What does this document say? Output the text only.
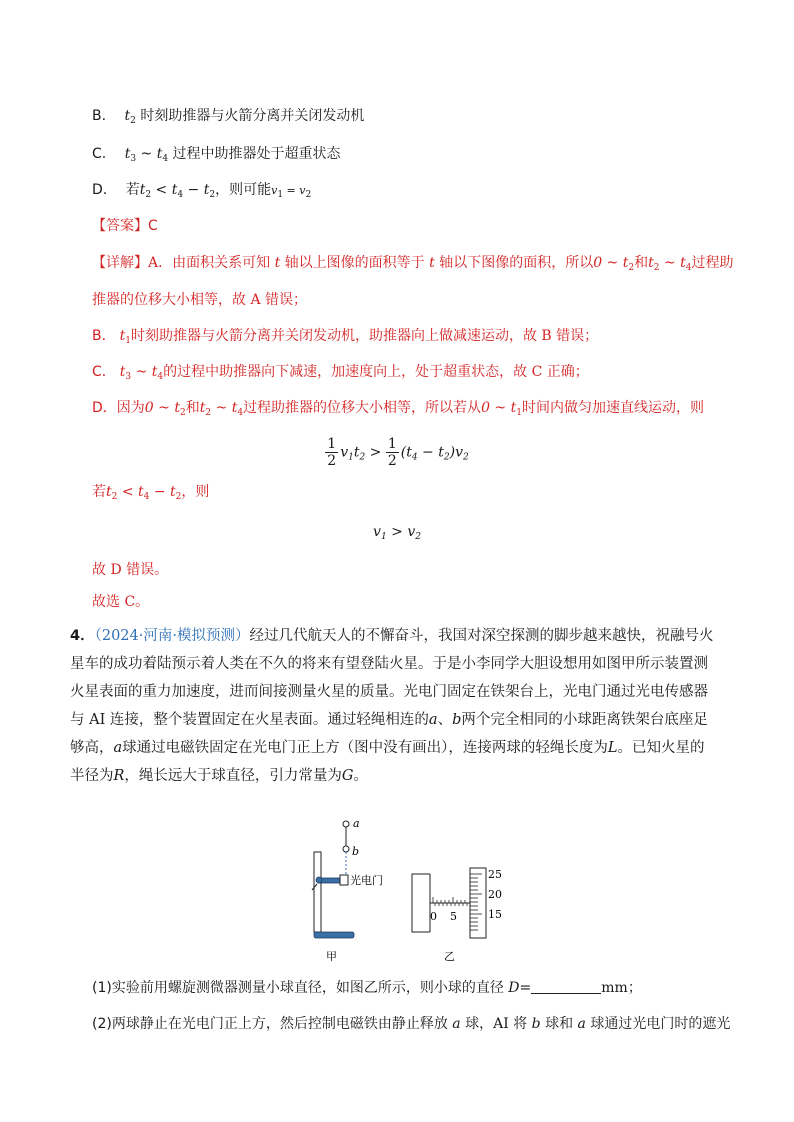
B. $t_2$ 时刻助推器与火箭分离并关闭发动机
C. $t_3$ ~ $t_4$ 过程中助推器处于超重状态
D. 若$t_2 < t_4 - t_2$，则可能$v_1 = v_2$
【答案】C
【详解】A．由面积关系可知 t 轴以上图像的面积等于 t 轴以下图像的面积，所以0 ~ $t_2$和$t_2$ ~ $t_4$过程助
推器的位移大小相等，故 A 错误；
B． $t_1$时刻助推器与火箭分离并关闭发动机，助推器向上做减速运动，故 B 错误；
C． $t_3$ ~ $t_4$的过程中助推器向下减速，加速度向上，处于超重状态，故 C 正确；
D．因为0 ~ $t_2$和$t_2$ ~ $t_4$过程助推器的位移大小相等，所以若从0 ~ $t_1$时间内做匀加速直线运动，则
$\frac{1}{2} v_1t_2 > \frac{1}{2} (t_4 - t_2)v_2$
若$t_2 < t_4 - t_2$，则
$v_1 > v_2$
故 D 错误。
故选 C。
4．（2024·河南·模拟预测）经过几代航天人的不懈奋斗，我国对深空探测的脚步越来越快，祝融号火星车的成功着陆预示着人类在不久的将来有望登陆火星。于是小李同学大胆设想用如图甲所示装置测火星表面的重力加速度，进而间接测量火星的质量。光电门固定在铁架台上，光电门通过光电传感器与 AI 连接，整个装置固定在火星表面。通过轻绳相连的a、b两个完全相同的小球距离铁架台底座足够高，a球通过电磁铁固定在光电门正上方（图中没有画出），连接两球的轻绳长度为L。已知火星的半径为R，绳长远大于球直径，引力常量为G。
a
b
光电门
甲
0 5
25
20
15
乙
(1)实验前用螺旋测微器测量小球直径，如图乙所示，则小球的直径 D=	mm；
(2)两球静止在光电门正上方，然后控制电磁铁由静止释放 a 球，AI 将 b 球和 a 球通过光电门时的遮光
